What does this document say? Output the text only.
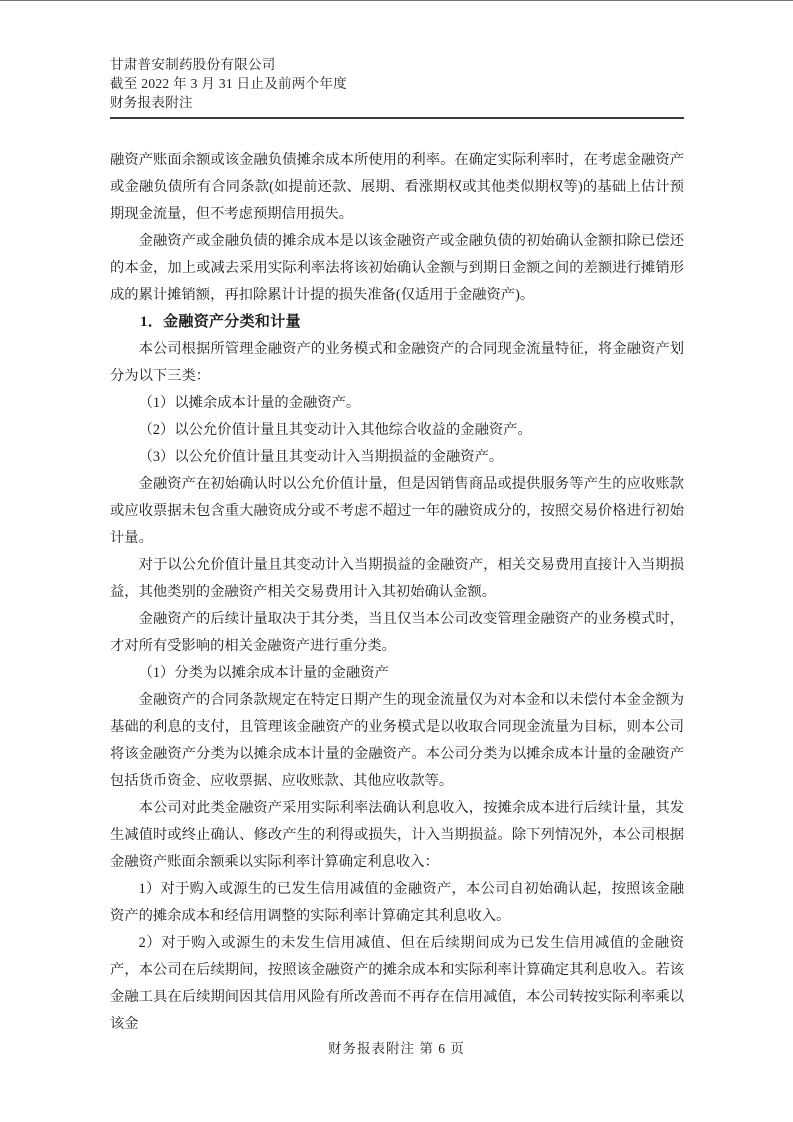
甘肃普安制药股份有限公司

截至 2022 年 3 月 31 日止及前两个年度

财务报表附注

融资产账面余额或该金融负债摊余成本所使用的利率。在确定实际利率时，在考虑金融资产或金融负债所有合同条款(如提前还款、展期、看涨期权或其他类似期权等)的基础上估计预期现金流量，但不考虑预期信用损失。

金融资产或金融负债的摊余成本是以该金融资产或金融负债的初始确认金额扣除已偿还的本金，加上或减去采用实际利率法将该初始确认金额与到期日金额之间的差额进行摊销形成的累计摊销额，再扣除累计计提的损失准备(仅适用于金融资产)。

1．金融资产分类和计量

本公司根据所管理金融资产的业务模式和金融资产的合同现金流量特征，将金融资产划分为以下三类：

（1）以摊余成本计量的金融资产。

（2）以公允价值计量且其变动计入其他综合收益的金融资产。

（3）以公允价值计量且其变动计入当期损益的金融资产。

金融资产在初始确认时以公允价值计量，但是因销售商品或提供服务等产生的应收账款或应收票据未包含重大融资成分或不考虑不超过一年的融资成分的，按照交易价格进行初始计量。

对于以公允价值计量且其变动计入当期损益的金融资产，相关交易费用直接计入当期损益，其他类别的金融资产相关交易费用计入其初始确认金额。

金融资产的后续计量取决于其分类，当且仅当本公司改变管理金融资产的业务模式时，才对所有受影响的相关金融资产进行重分类。

（1）分类为以摊余成本计量的金融资产

金融资产的合同条款规定在特定日期产生的现金流量仅为对本金和以未偿付本金金额为基础的利息的支付，且管理该金融资产的业务模式是以收取合同现金流量为目标，则本公司将该金融资产分类为以摊余成本计量的金融资产。本公司分类为以摊余成本计量的金融资产包括货币资金、应收票据、应收账款、其他应收款等。

本公司对此类金融资产采用实际利率法确认利息收入，按摊余成本进行后续计量，其发生减值时或终止确认、修改产生的利得或损失，计入当期损益。除下列情况外，本公司根据金融资产账面余额乘以实际利率计算确定利息收入：

1）对于购入或源生的已发生信用减值的金融资产，本公司自初始确认起，按照该金融资产的摊余成本和经信用调整的实际利率计算确定其利息收入。

2）对于购入或源生的未发生信用减值、但在后续期间成为已发生信用减值的金融资产，本公司在后续期间，按照该金融资产的摊余成本和实际利率计算确定其利息收入。若该金融工具在后续期间因其信用风险有所改善而不再存在信用减值，本公司转按实际利率乘以该金

财务报表附注 第 6 页
